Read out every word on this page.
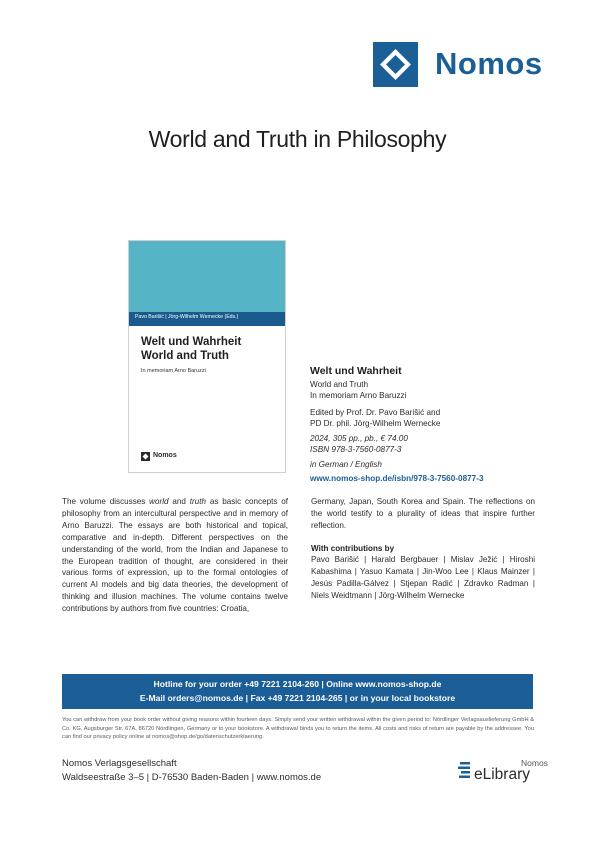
Nomos
World and Truth in Philosophy
Pavo Barišić | Jörg-Wilhelm Wernecke (Eds.)
Welt und Wahrheit
World and Truth
In memoriam Arno Baruzzi
Nomos
Welt und Wahrheit
World and Truth
In memoriam Arno Baruzzi
Edited by Prof. Dr. Pavo Barišić and
PD Dr. phil. Jörg-Wilhelm Wernecke
2024, 305 pp., pb., € 74.00
ISBN 978-3-7560-0877-3
in German / English
www.nomos-shop.de/isbn/978-3-7560-0877-3
The volume discusses world and truth as basic concepts of philosophy from an intercultural perspective and in memory of Arno Baruzzi. The essays are both historical and topical, comparative and in-depth. Different perspectives on the understanding of the world, from the Indian and Japanese to the European tradition of thought, are considered in their various forms of expression, up to the formal ontologies of current AI models and big data theories, the development of thinking and illusion machines. The volume contains twelve contributions by authors from five countries: Croatia,
Germany, Japan, South Korea and Spain. The reflections on the world testify to a plurality of ideas that inspire further reflection.
With contributions by
Pavo Barišić | Harald Bergbauer | Mislav Ježić | Hiroshi Kabashima | Yasuo Kamata | Jin-Woo Lee | Klaus Mainzer | Jesús Padilla-Gálvez | Stjepan Radić | Zdravko Radman | Niels Weidtmann | Jörg-Wilhelm Wernecke
Hotline for your order +49 7221 2104-260 | Online www.nomos-shop.de
E-Mail orders@nomos.de | Fax +49 7221 2104-265 | or in your local bookstore
You can withdraw from your book order without giving reasons within fourteen days. Simply send your written withdrawal within the given period to: Nördlinger Verlagsauslieferung GmbH & Co. KG, Augsburger Str. 67A, 86720 Nördlingen, Germany or to your bookstore. A withdrawal binds you to return the items. All costs and risks of return are payable by the addressee. You can find our privacy policy online at nomos@shop.de/go/datenschutzerklaerung.
Nomos Verlagsgesellschaft
Waldseestraße 3–5 | D-76530 Baden-Baden | www.nomos.de
Nomos
eLibrary
